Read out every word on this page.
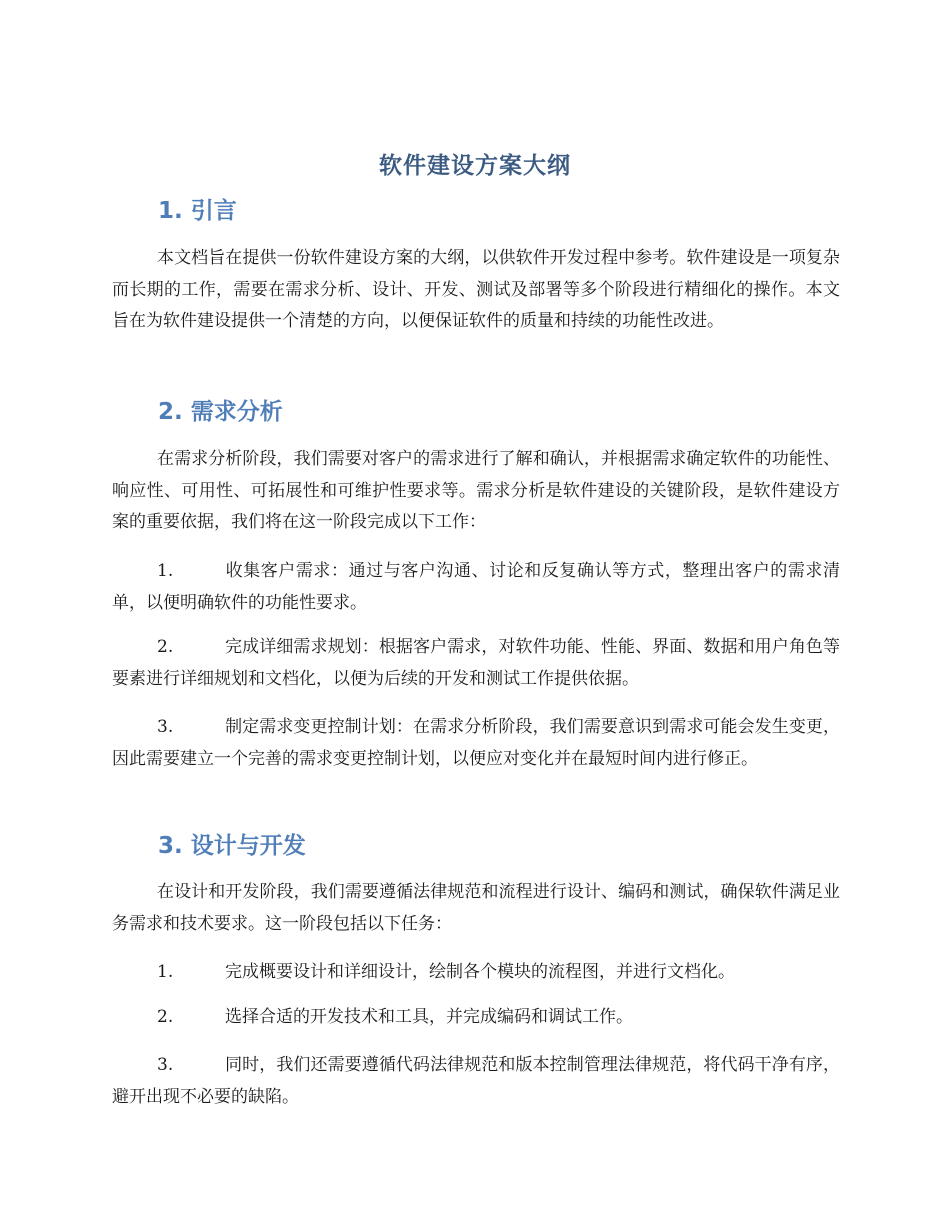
软件建设方案大纲
1. 引言

本文档旨在提供一份软件建设方案的大纲，以供软件开发过程中参考。软件建设是一项复杂而长期的工作，需要在需求分析、设计、开发、测试及部署等多个阶段进行精细化的操作。本文旨在为软件建设提供一个清楚的方向，以便保证软件的质量和持续的功能性改进。

2. 需求分析

在需求分析阶段，我们需要对客户的需求进行了解和确认，并根据需求确定软件的功能性、响应性、可用性、可拓展性和可维护性要求等。需求分析是软件建设的关键阶段，是软件建设方案的重要依据，我们将在这一阶段完成以下工作：

1.	收集客户需求：通过与客户沟通、讨论和反复确认等方式，整理出客户的需求清单，以便明确软件的功能性要求。

2.	完成详细需求规划：根据客户需求，对软件功能、性能、界面、数据和用户角色等要素进行详细规划和文档化，以便为后续的开发和测试工作提供依据。

3.	制定需求变更控制计划：在需求分析阶段，我们需要意识到需求可能会发生变更，因此需要建立一个完善的需求变更控制计划，以便应对变化并在最短时间内进行修正。

3. 设计与开发

在设计和开发阶段，我们需要遵循法律规范和流程进行设计、编码和测试，确保软件满足业务需求和技术要求。这一阶段包括以下任务：

1.	完成概要设计和详细设计，绘制各个模块的流程图，并进行文档化。

2.	选择合适的开发技术和工具，并完成编码和调试工作。

3.	同时，我们还需要遵循代码法律规范和版本控制管理法律规范，将代码干净有序，避开出现不必要的缺陷。
